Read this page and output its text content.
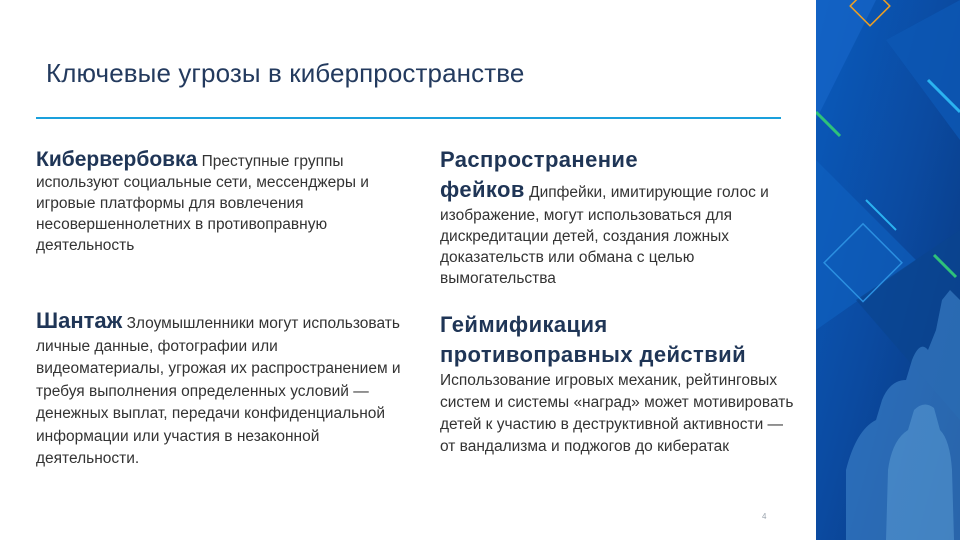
Ключевые угрозы в киберпространстве
Кибервербовка Преступные группы используют социальные сети, мессенджеры и игровые платформы для вовлечения несовершеннолетних в противоправную деятельность
Распространение
фейков Дипфейки, имитирующие голос и изображение, могут использоваться для дискредитации детей, создания ложных доказательств или обмана с целью вымогательства
Шантаж Злоумышленники могут использовать личные данные, фотографии или видеоматериалы, угрожая их распространением и требуя выполнения определенных условий — денежных выплат, передачи конфиденциальной информации или участия в незаконной деятельности.
Геймификация
противоправных действий
Использование игровых механик, рейтинговых систем и системы «наград» может мотивировать детей к участию в деструктивной активности — от вандализма и поджогов до кибератак
4
